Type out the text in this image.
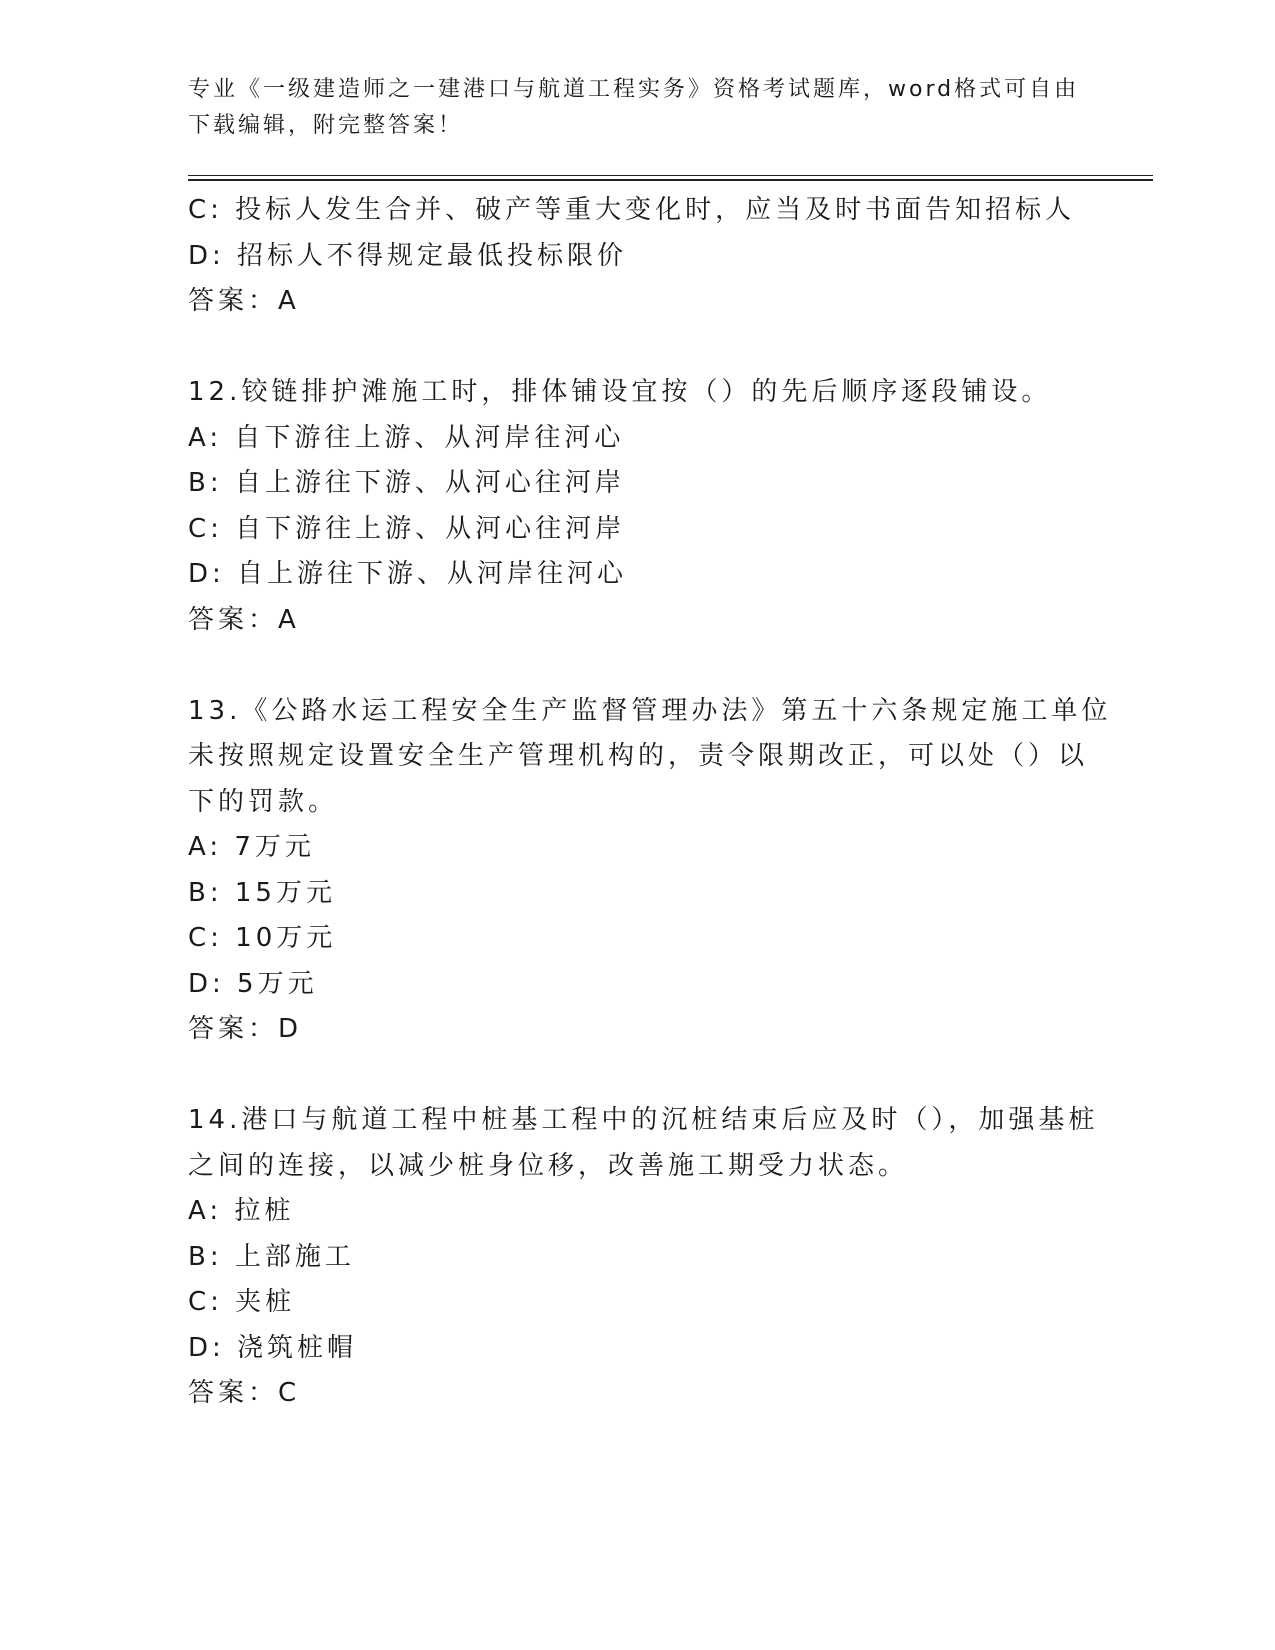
专业《一级建造师之一建港口与航道工程实务》资格考试题库，word格式可自由下载编辑，附完整答案！
C: 投标人发生合并、破产等重大变化时，应当及时书面告知招标人
D: 招标人不得规定最低投标限价
答案：A
12.铰链排护滩施工时，排体铺设宜按（）的先后顺序逐段铺设。
A: 自下游往上游、从河岸往河心
B: 自上游往下游、从河心往河岸
C: 自下游往上游、从河心往河岸
D: 自上游往下游、从河岸往河心
答案：A
13.《公路水运工程安全生产监督管理办法》第五十六条规定施工单位
未按照规定设置安全生产管理机构的，责令限期改正，可以处（）以
下的罚款。
A: 7万元
B: 15万元
C: 10万元
D: 5万元
答案：D
14.港口与航道工程中桩基工程中的沉桩结束后应及时（），加强基桩
之间的连接，以减少桩身位移，改善施工期受力状态。
A: 拉桩
B: 上部施工
C: 夹桩
D: 浇筑桩帽
答案：C
